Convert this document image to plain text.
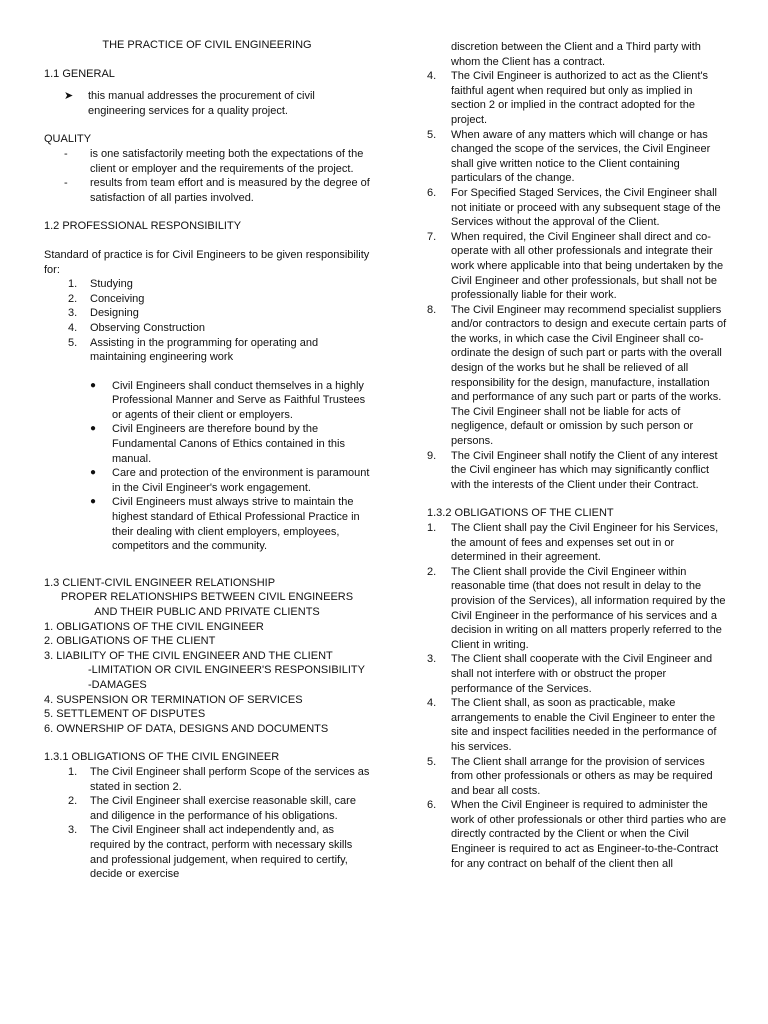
THE PRACTICE OF CIVIL ENGINEERING

1.1 GENERAL

➤	this manual addresses the procurement of civil engineering services for a quality project.

QUALITY

-	is one satisfactorily meeting both the expectations of the client or employer and the requirements of the project.
-	results from team effort and is measured by the degree of satisfaction of all parties involved.

1.2 PROFESSIONAL RESPONSIBILITY

Standard of practice is for Civil Engineers to be given responsibility for:

1.	Studying
2.	Conceiving
3.	Designing
4.	Observing Construction
5.	Assisting in the programming for operating and maintaining engineering work
●	Civil Engineers shall conduct themselves in a highly Professional Manner and Serve as Faithful Trustees or agents of their client or employers.
●	Civil Engineers are therefore bound by the Fundamental Canons of Ethics contained in this manual.
●	Care and protection of the environment is paramount in the Civil Engineer's work engagement.
●	Civil Engineers must always strive to maintain the highest standard of Ethical Professional Practice in their dealing with client employers, employees, competitors and the community.

1.3 CLIENT-CIVIL ENGINEER RELATIONSHIP

PROPER RELATIONSHIPS BETWEEN CIVIL ENGINEERS

AND THEIR PUBLIC AND PRIVATE CLIENTS

1. OBLIGATIONS OF THE CIVIL ENGINEER

2. OBLIGATIONS OF THE CLIENT

3. LIABILITY OF THE CIVIL ENGINEER AND THE CLIENT

-LIMITATION OR CIVIL ENGINEER'S RESPONSIBILITY

-DAMAGES

4. SUSPENSION OR TERMINATION OF SERVICES

5. SETTLEMENT OF DISPUTES

6. OWNERSHIP OF DATA, DESIGNS AND DOCUMENTS

1.3.1 OBLIGATIONS OF THE CIVIL ENGINEER

1.	The Civil Engineer shall perform Scope of the services as stated in section 2.
2.	The Civil Engineer shall exercise reasonable skill, care and diligence in the performance of his obligations.
3.	The Civil Engineer shall act independently and, as required by the contract, perform with necessary skills and professional judgement, when required to certify, decide or exercise

discretion between the Client and a Third party with whom the Client has a contract.

4.	The Civil Engineer is authorized to act as the Client's faithful agent when required but only as implied in section 2 or implied in the contract adopted for the project.
5.	When aware of any matters which will change or has changed the scope of the services, the Civil Engineer shall give written notice to the Client containing particulars of the change.
6.	For Specified Staged Services, the Civil Engineer shall not initiate or proceed with any subsequent stage of the Services without the approval of the Client.
7.	When required, the Civil Engineer shall direct and co-operate with all other professionals and integrate their work where applicable into that being undertaken by the Civil Engineer and other professionals, but shall not be professionally liable for their work.
8.	The Civil Engineer may recommend specialist suppliers and/or contractors to design and execute certain parts of the works, in which case the Civil Engineer shall co-ordinate the design of such part or parts with the overall design of the works but he shall be relieved of all responsibility for the design, manufacture, installation and performance of any such part or parts of the works. The Civil Engineer shall not be liable for acts of negligence, default or omission by such person or persons.
9.	The Civil Engineer shall notify the Client of any interest the Civil engineer has which may significantly conflict with the interests of the Client under their Contract.

1.3.2 OBLIGATIONS OF THE CLIENT

1.	The Client shall pay the Civil Engineer for his Services, the amount of fees and expenses set out in or determined in their agreement.
2.	The Client shall provide the Civil Engineer within reasonable time (that does not result in delay to the provision of the Services), all information required by the Civil Engineer in the performance of his services and a decision in writing on all matters properly referred to the Client in writing.
3.	The Client shall cooperate with the Civil Engineer and shall not interfere with or obstruct the proper performance of the Services.
4.	The Client shall, as soon as practicable, make arrangements to enable the Civil Engineer to enter the site and inspect facilities needed in the performance of his services.
5.	The Client shall arrange for the provision of services from other professionals or others as may be required and bear all costs.
6.	When the Civil Engineer is required to administer the work of other professionals or other third parties who are directly contracted by the Client or when the Civil Engineer is required to act as Engineer-to-the-Contract for any contract on behalf of the client then all
